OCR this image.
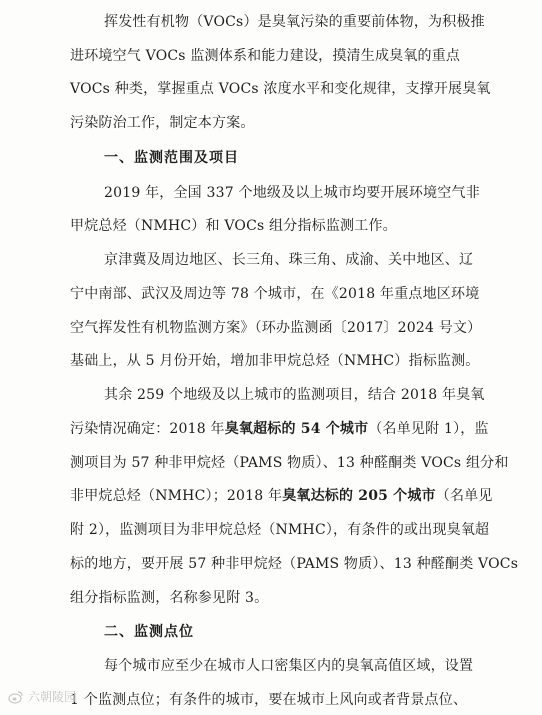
挥发性有机物（VOCs）是臭氧污染的重要前体物，为积极推
进环境空气 VOCs 监测体系和能力建设，摸清生成臭氧的重点
VOCs 种类，掌握重点 VOCs 浓度水平和变化规律，支撑开展臭氧
污染防治工作，制定本方案。
一、监测范围及项目
2019 年，全国 337 个地级及以上城市均要开展环境空气非
甲烷总烃（NMHC）和 VOCs 组分指标监测工作。
京津冀及周边地区、长三角、珠三角、成渝、关中地区、辽
宁中南部、武汉及周边等 78 个城市，在《2018 年重点地区环境
空气挥发性有机物监测方案》（环办监测函〔2017〕2024 号文）
基础上，从 5 月份开始，增加非甲烷总烃（NMHC）指标监测。
其余 259 个地级及以上城市的监测项目，结合 2018 年臭氧
污染情况确定：2018 年臭氧超标的 54 个城市（名单见附 1），监
测项目为 57 种非甲烷烃（PAMS 物质）、13 种醛酮类 VOCs 组分和
非甲烷总烃（NMHC）；2018 年臭氧达标的 205 个城市（名单见
附 2），监测项目为非甲烷总烃（NMHC），有条件的或出现臭氧超
标的地方，要开展 57 种非甲烷烃（PAMS 物质）、13 种醛酮类 VOCs
组分指标监测，名称参见附 3。
二、监测点位
每个城市应至少在城市人口密集区内的臭氧高值区域，设置
1 个监测点位；有条件的城市，要在城市上风向或者背景点位、
六朝陵园
